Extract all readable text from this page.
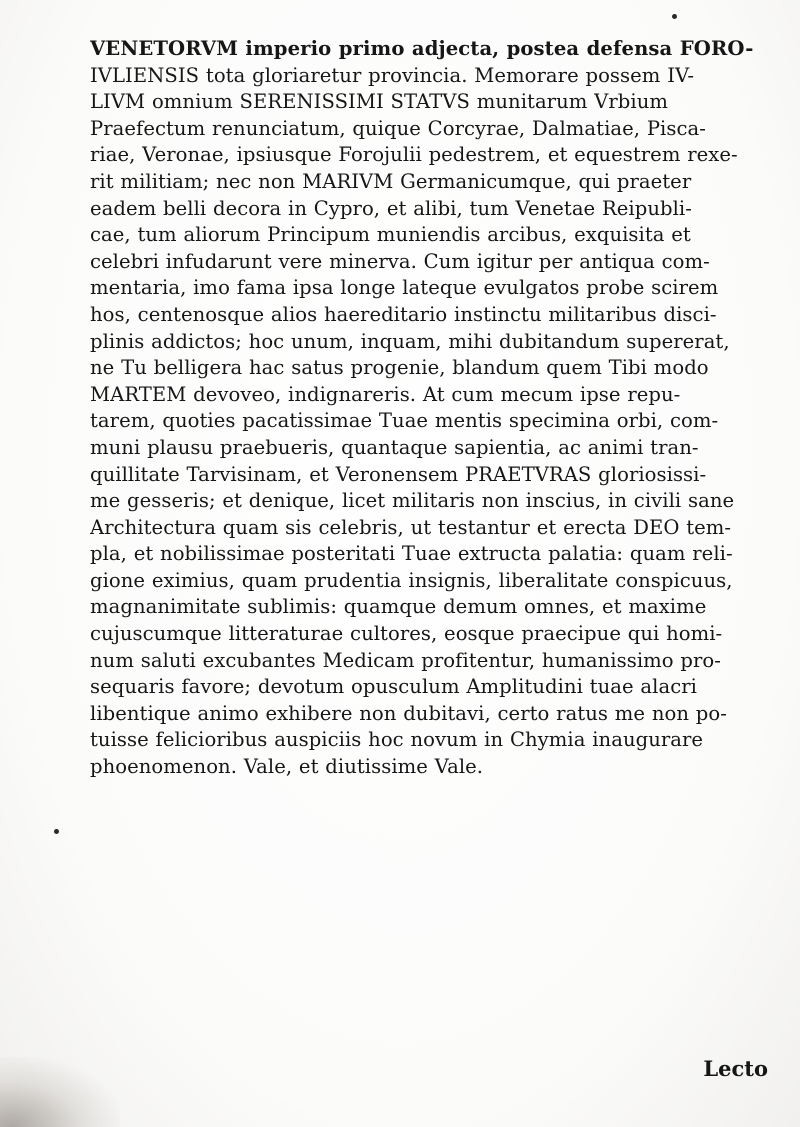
VENETORVM imperio primo adjecta, postea defensa FORO-
IVLIENSIS tota gloriaretur provincia. Memorare possem IV-
LIVM omnium SERENISSIMI STATVS munitarum Vrbium
Praefectum renunciatum, quique Corcyrae, Dalmatiae, Pisca-
riae, Veronae, ipsiusque Forojulii pedestrem, et equestrem rexe-
rit militiam; nec non MARIVM Germanicumque, qui praeter
eadem belli decora in Cypro, et alibi, tum Venetae Reipubli-
cae, tum aliorum Principum muniendis arcibus, exquisita et
celebri infudarunt vere minerva. Cum igitur per antiqua com-
mentaria, imo fama ipsa longe lateque evulgatos probe scirem
hos, centenosque alios haereditario instinctu militaribus disci-
plinis addictos; hoc unum, inquam, mihi dubitandum supererat,
ne Tu belligera hac satus progenie, blandum quem Tibi modo
MARTEM devoveo, indignareris. At cum mecum ipse repu-
tarem, quoties pacatissimae Tuae mentis specimina orbi, com-
muni plausu praebueris, quantaque sapientia, ac animi tran-
quillitate Tarvisinam, et Veronensem PRAETVRAS gloriosissi-
me gesseris; et denique, licet militaris non inscius, in civili sane
Architectura quam sis celebris, ut testantur et erecta DEO tem-
pla, et nobilissimae posteritati Tuae extructa palatia: quam reli-
gione eximius, quam prudentia insignis, liberalitate conspicuus,
magnanimitate sublimis: quamque demum omnes, et maxime
cujuscumque litteraturae cultores, eosque praecipue qui homi-
num saluti excubantes Medicam profitentur, humanissimo pro-
sequaris favore; devotum opusculum Amplitudini tuae alacri
libentique animo exhibere non dubitavi, certo ratus me non po-
tuisse felicioribus auspiciis hoc novum in Chymia inaugurare
phoenomenon. Vale, et diutissime Vale.
Lecto
